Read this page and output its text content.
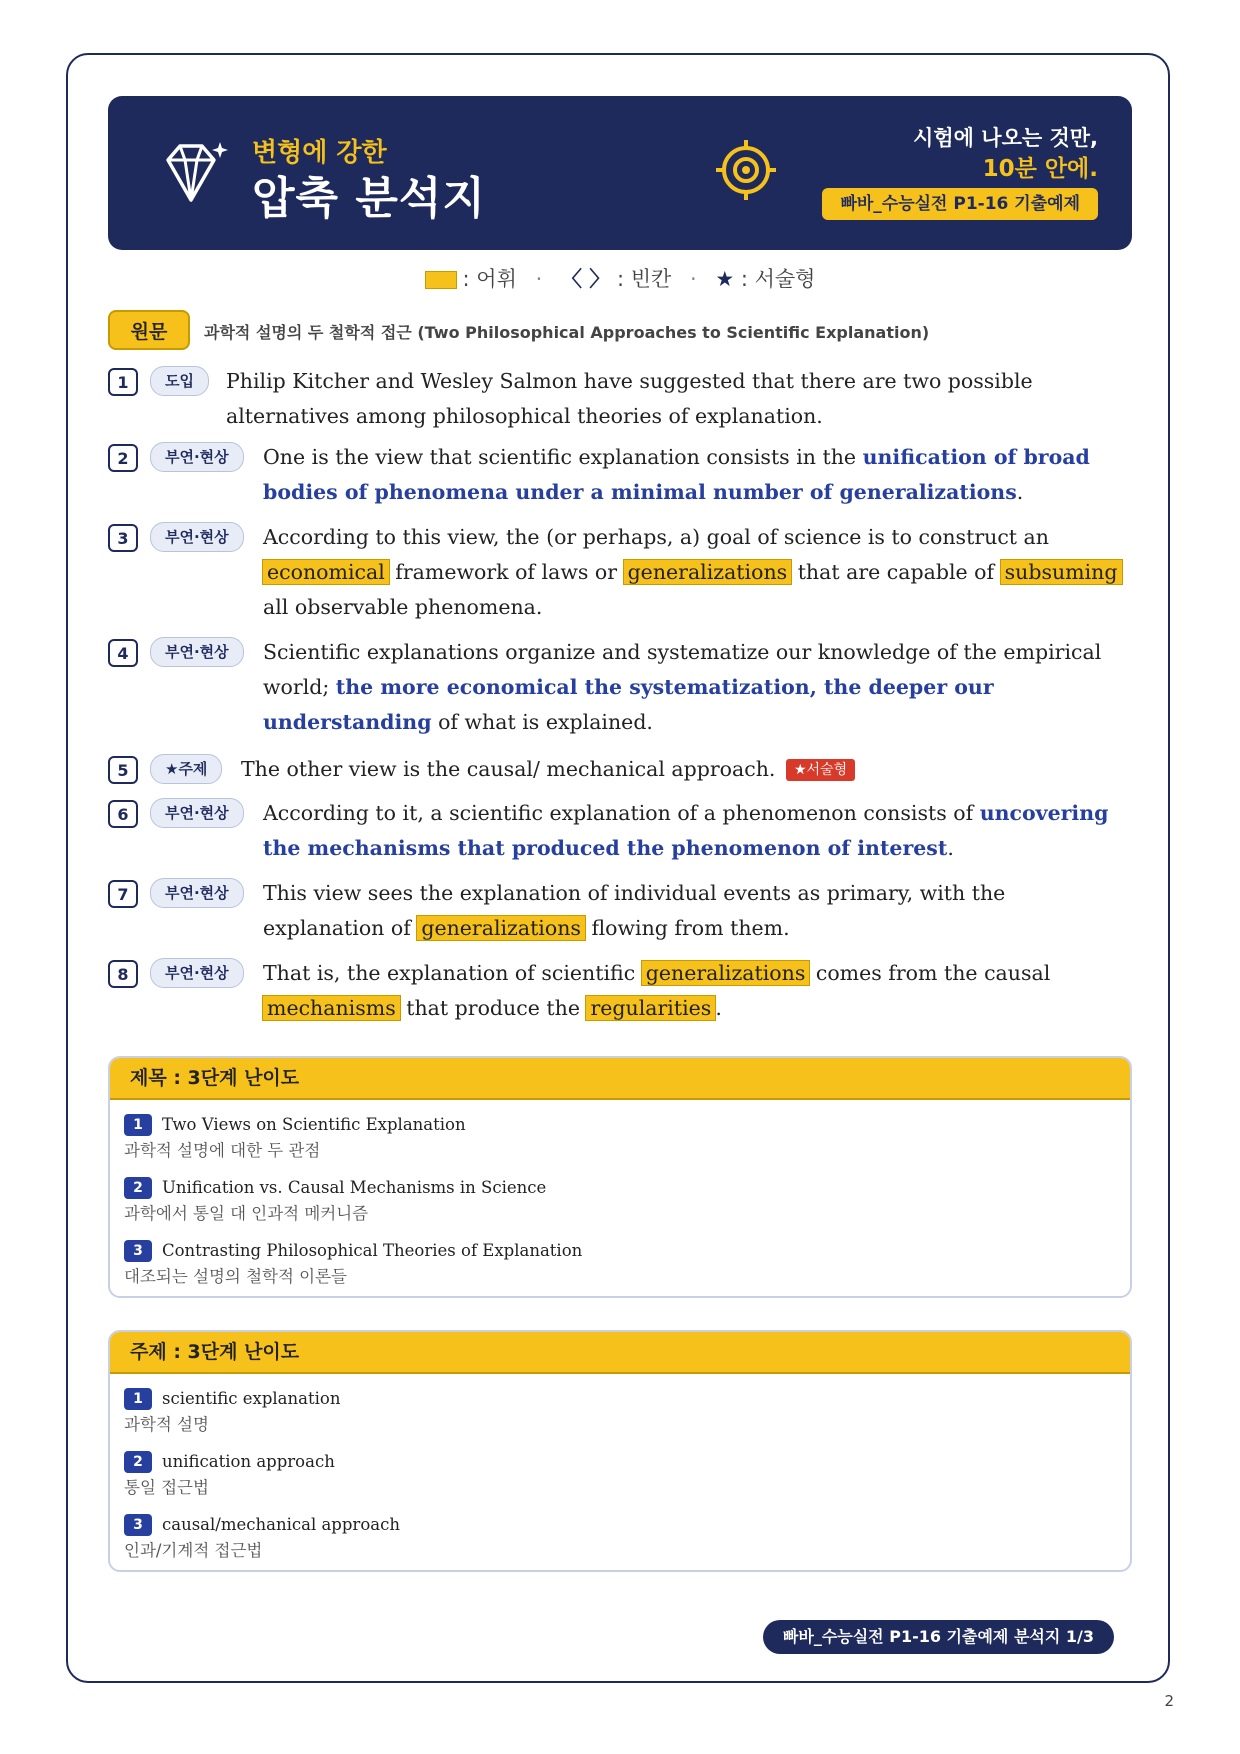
변형에 강한
압축 분석지
시험에 나오는 것만,
10분 안에.
빠바_수능실전 P1-16 기출예제
: 어휘 · 〈 〉 : 빈칸 · ★ : 서술형
원문	과학적 설명의 두 철학적 접근 (Two Philosophical Approaches to Scientific Explanation)
1	도입	Philip Kitcher and Wesley Salmon have suggested that there are two possible alternatives among philosophical theories of explanation.
2	부연·현상	One is the view that scientific explanation consists in the unification of broad bodies of phenomena under a minimal number of generalizations.
3	부연·현상	According to this view, the (or perhaps, a) goal of science is to construct an economical framework of laws or generalizations that are capable of subsuming all observable phenomena.
4	부연·현상	Scientific explanations organize and systematize our knowledge of the empirical world; the more economical the systematization, the deeper our understanding of what is explained.
5	★주제	The other view is the causal/ mechanical approach. ★서술형
6	부연·현상	According to it, a scientific explanation of a phenomenon consists of uncovering the mechanisms that produced the phenomenon of interest.
7	부연·현상	This view sees the explanation of individual events as primary, with the explanation of generalizations flowing from them.
8	부연·현상	That is, the explanation of scientific generalizations comes from the causal mechanisms that produce the regularities .
제목 : 3단계 난이도
1	Two Views on Scientific Explanation
과학적 설명에 대한 두 관점
2	Unification vs. Causal Mechanisms in Science
과학에서 통일 대 인과적 메커니즘
3	Contrasting Philosophical Theories of Explanation
대조되는 설명의 철학적 이론들
주제 : 3단계 난이도
1	scientific explanation
과학적 설명
2	unification approach
통일 접근법
3	causal/mechanical approach
인과/기계적 접근법
빠바_수능실전 P1-16 기출예제 분석지 1/3
2
